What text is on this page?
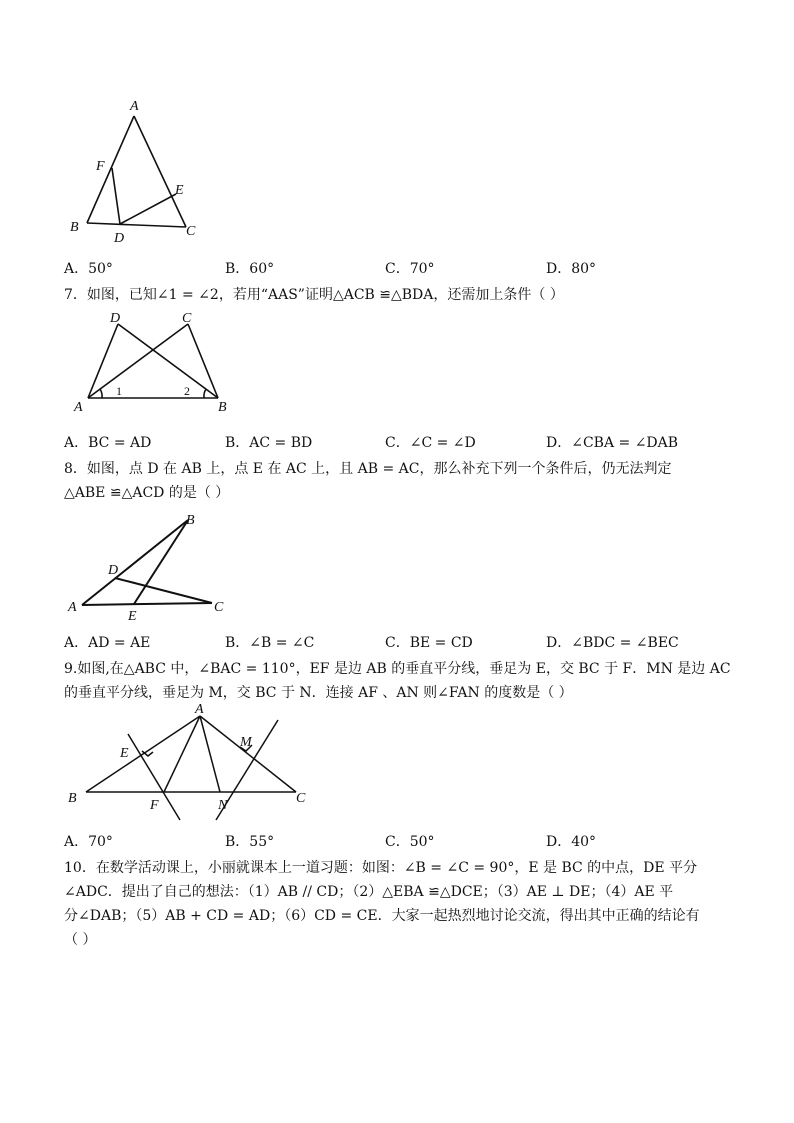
A
F
E
B
D	C
A．50°	B．60°	C．70°	D．80°
7．如图，已知∠1 = ∠2，若用“AAS”证明△ACB ≌△BDA，还需加上条件（ ）
D	C
A	B
1	2
A．BC = AD	B．AC = BD	C．∠C = ∠D	D．∠CBA = ∠DAB
8．如图，点 D 在 AB 上，点 E 在 AC 上，且 AB = AC，那么补充下列一个条件后，仍无法判定
△ABE ≌△ACD 的是（ ）
B
D
A
E
C
A．AD = AE	B．∠B = ∠C	C．BE = CD	D．∠BDC = ∠BEC
9.如图,在△ABC 中，∠BAC = 110°，EF 是边 AB 的垂直平分线，垂足为 E，交 BC 于 F．MN 是边 AC
的垂直平分线，垂足为 M，交 BC 于 N．连接 AF 、AN 则∠FAN 的度数是（ ）
A
E
M
B	F	N	C
A．70°	B．55°	C．50°	D．40°
10．在数学活动课上，小丽就课本上一道习题：如图：∠B = ∠C = 90°，E 是 BC 的中点，DE 平分
∠ADC．提出了自己的想法：（1）AB // CD；（2）△EBA ≌△DCE；（3）AE ⊥ DE；（4）AE 平
分∠DAB；（5）AB + CD = AD；（6）CD = CE．大家一起热烈地讨论交流，得出其中正确的结论有
（ ）
